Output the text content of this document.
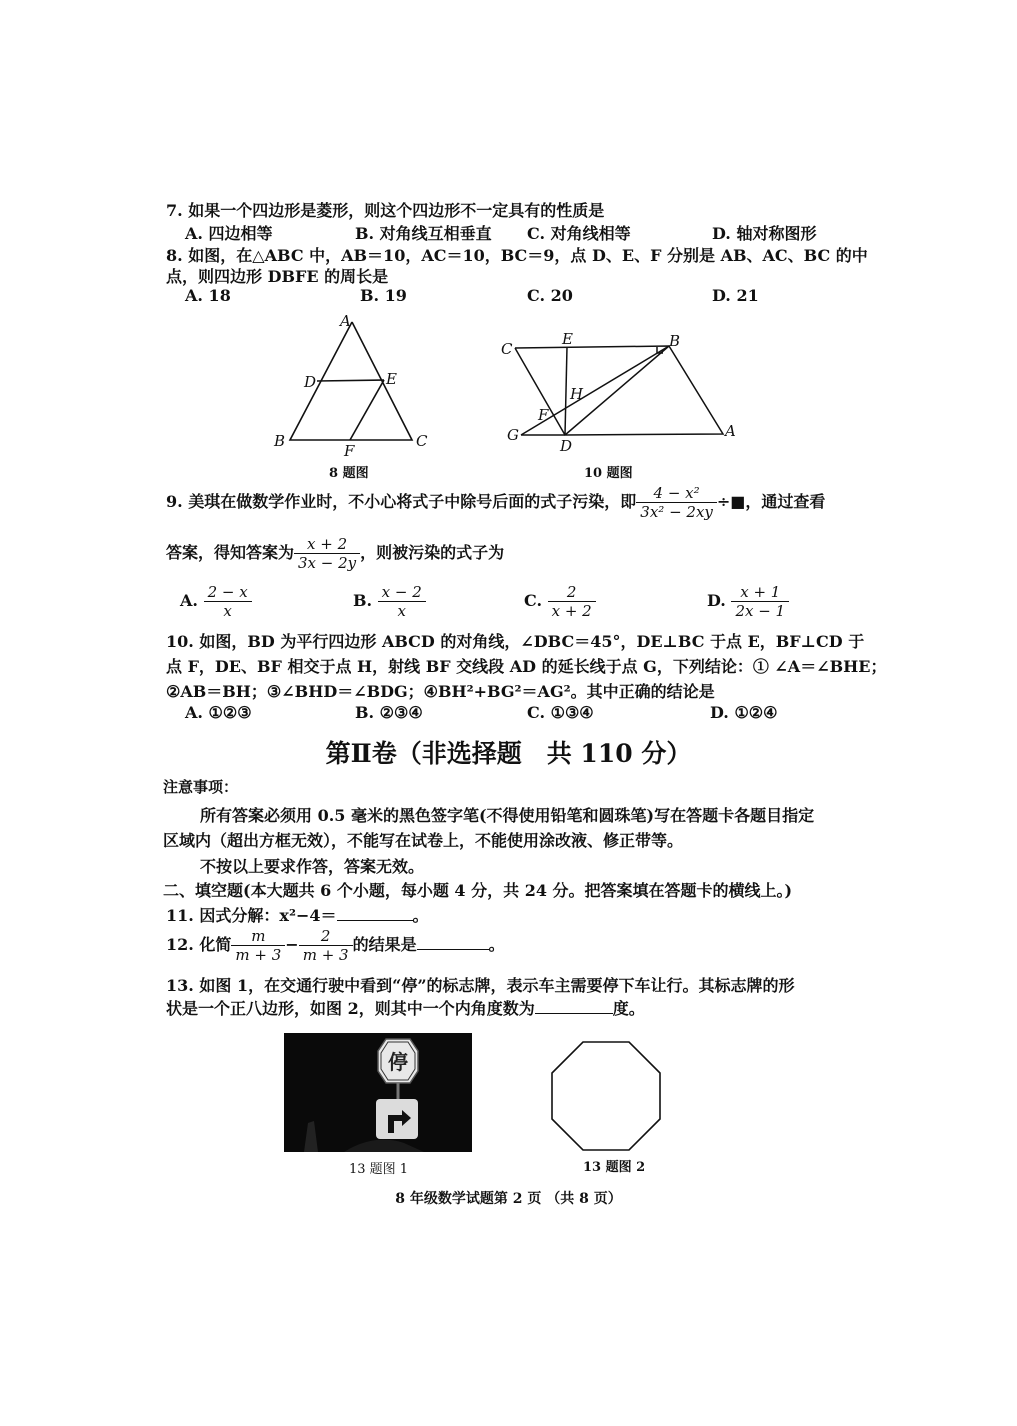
7. 如果一个四边形是菱形，则这个四边形不一定具有的性质是
A. 四边相等	B. 对角线互相垂直 C. 对角线相等	D. 轴对称图形
8. 如图，在△ABC 中，AB＝10，AC＝10，BC＝9，点 D、E、F 分别是 AB、AC、BC 的中
点，则四边形 DBFE 的周长是
A. 18	B. 19	C. 20	D. 21
A
B	C
D	E
F
8 题图
C
E	B
H
F
G
D
A
10 题图
9. 美琪在做数学作业时，不小心将式子中除号后面的式子污染，即 $\frac{\text{4 − x²}}{\text{3x² − 2xy}}$ ÷■，通过查看
答案，得知答案为 $\frac{x + 2}{3x - 2y}$ ，则被污染的式子为
A. $\frac{2 - x}{x}$	B. $\frac{x - 2}{x}$	C. $\frac{2}{x + 2}$	D. $\frac{x + 1}{2x - 1}$
10. 如图，BD 为平行四边形 ABCD 的对角线，∠DBC＝45°，DE⊥BC 于点 E，BF⊥CD 于
点 F，DE、BF 相交于点 H，射线 BF 交线段 AD 的延长线于点 G，下列结论：① ∠A＝∠BHE；
②AB＝BH；③∠BHD＝∠BDG；④BH²+BG²＝AG²。其中正确的结论是
A. ①②③	B. ②③④	C. ①③④	D. ①②④
第Ⅱ卷（非选择题　共 110 分）
注意事项：
所有答案必须用 0.5 毫米的黑色签字笔(不得使用铅笔和圆珠笔)写在答题卡各题目指定
区域内（超出方框无效），不能写在试卷上，不能使用涂改液、修正带等。
不按以上要求作答，答案无效。
二、填空题(本大题共 6 个小题，每小题 4 分，共 24 分。把答案填在答题卡的横线上。)
11. 因式分解：x²−4＝	。
12. 化简 $\frac{m}{m + 3} - \frac{2}{m + 3}$ 的结果是	。
13. 如图 1，在交通行驶中看到“停”的标志牌，表示车主需要停下车让行。其标志牌的形
状是一个正八边形，如图 2，则其中一个内角度数为	度。
停
13 题图 1	13 题图 2
8 年级数学试题第 2 页 （共 8 页）
